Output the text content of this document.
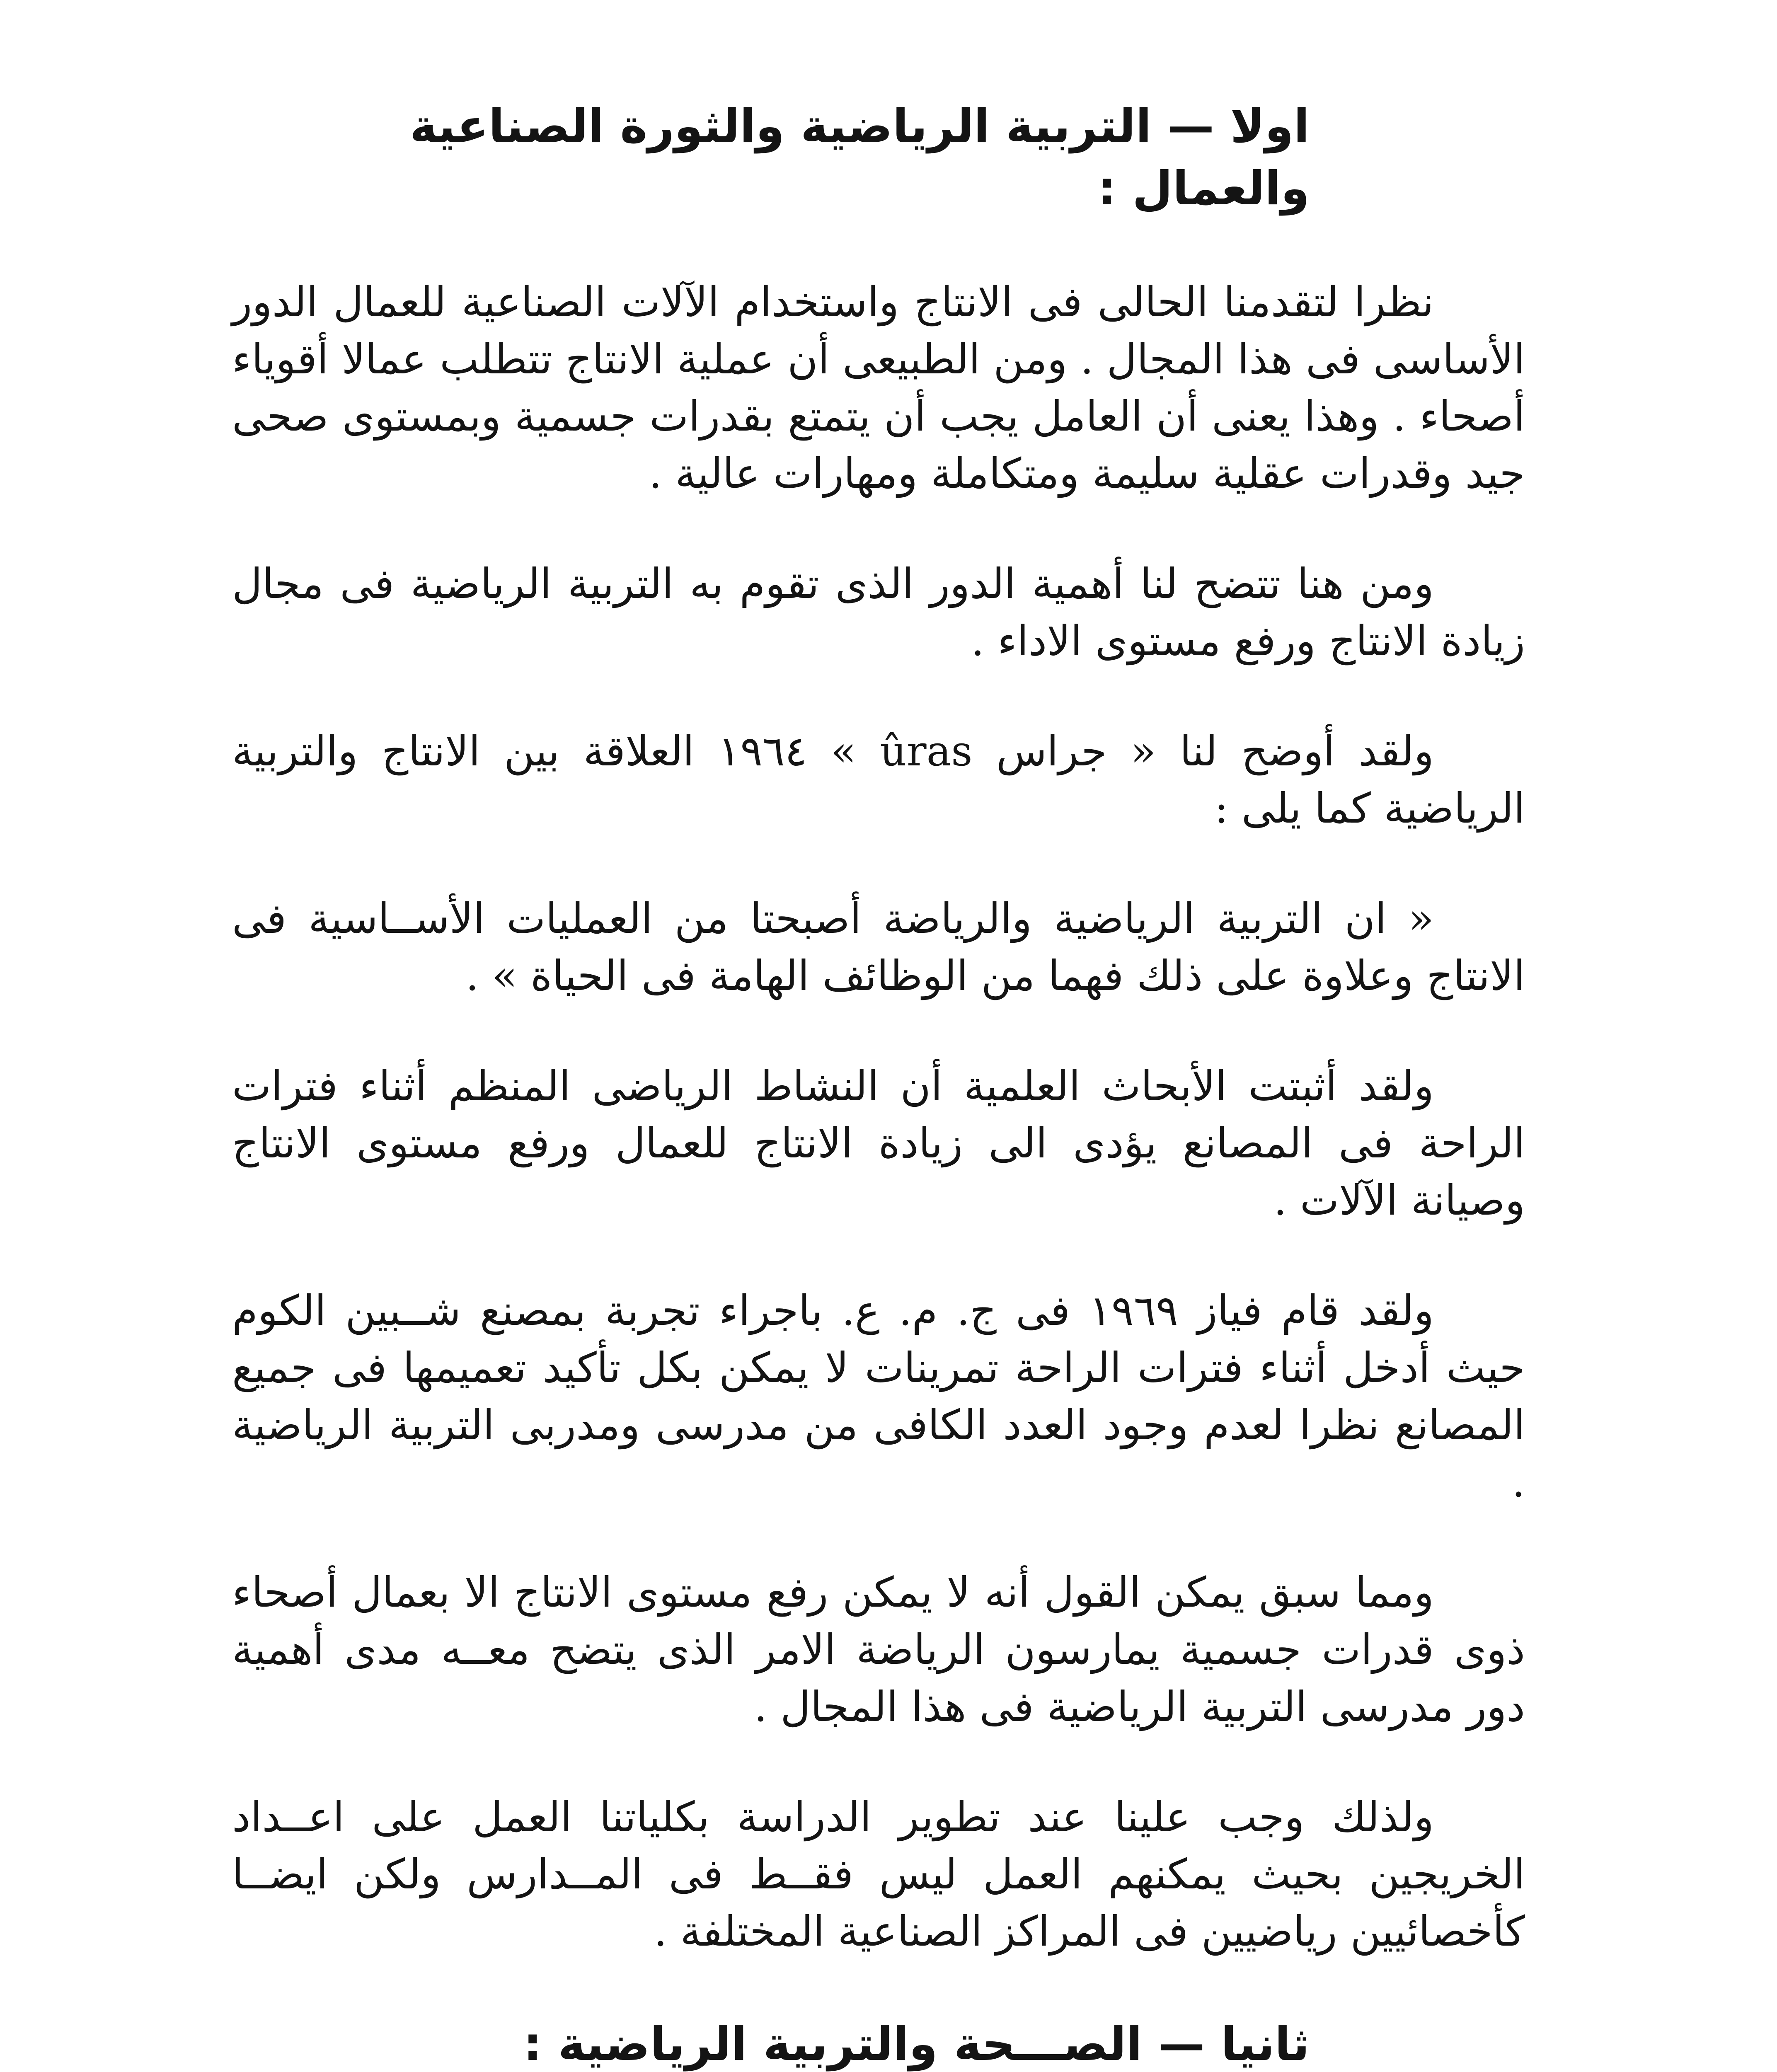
اولا — التربية الرياضية والثورة الصناعية والعمال :

نظرا لتقدمنا الحالى فى الانتاج واستخدام الآلات الصناعية للعمال الدور الأساسى فى هذا المجال . ومن الطبيعى أن عملية الانتاج تتطلب عمالا أقوياء أصحاء . وهذا يعنى أن العامل يجب أن يتمتع بقدرات جسمية وبمستوى صحى جيد وقدرات عقلية سليمة ومتكاملة ومهارات عالية .

ومن هنا تتضح لنا أهمية الدور الذى تقوم به التربية الرياضية فى مجال زيادة الانتاج ورفع مستوى الاداء .

ولقد أوضح لنا « جراس ûras » ١٩٦٤ العلاقة بين الانتاج والتربية الرياضية كما يلى :

« ان التربية الرياضية والرياضة أصبحتا من العمليات الأســاسية فى الانتاج وعلاوة على ذلك فهما من الوظائف الهامة فى الحياة » .

ولقد أثبتت الأبحاث العلمية أن النشاط الرياضى المنظم أثناء فترات الراحة فى المصانع يؤدى الى زيادة الانتاج للعمال ورفع مستوى الانتاج وصيانة الآلات .

ولقد قام فياز ١٩٦٩ فى ج. م. ع. باجراء تجربة بمصنع شــبين الكوم حيث أدخل أثناء فترات الراحة تمرينات لا يمكن بكل تأكيد تعميمها فى جميع المصانع نظرا لعدم وجود العدد الكافى من مدرسى ومدربى التربية الرياضية .

ومما سبق يمكن القول أنه لا يمكن رفع مستوى الانتاج الا بعمال أصحاء ذوى قدرات جسمية يمارسون الرياضة الامر الذى يتضح معــه مدى أهمية دور مدرسى التربية الرياضية فى هذا المجال .

ولذلك وجب علينا عند تطوير الدراسة بكلياتنا العمل على اعــداد الخريجين بحيث يمكنهم العمل ليس فقــط فى المــدارس ولكن ايضــا كأخصائيين رياضيين فى المراكز الصناعية المختلفة .

ثانيا — الصـــحة والتربية الرياضية :
